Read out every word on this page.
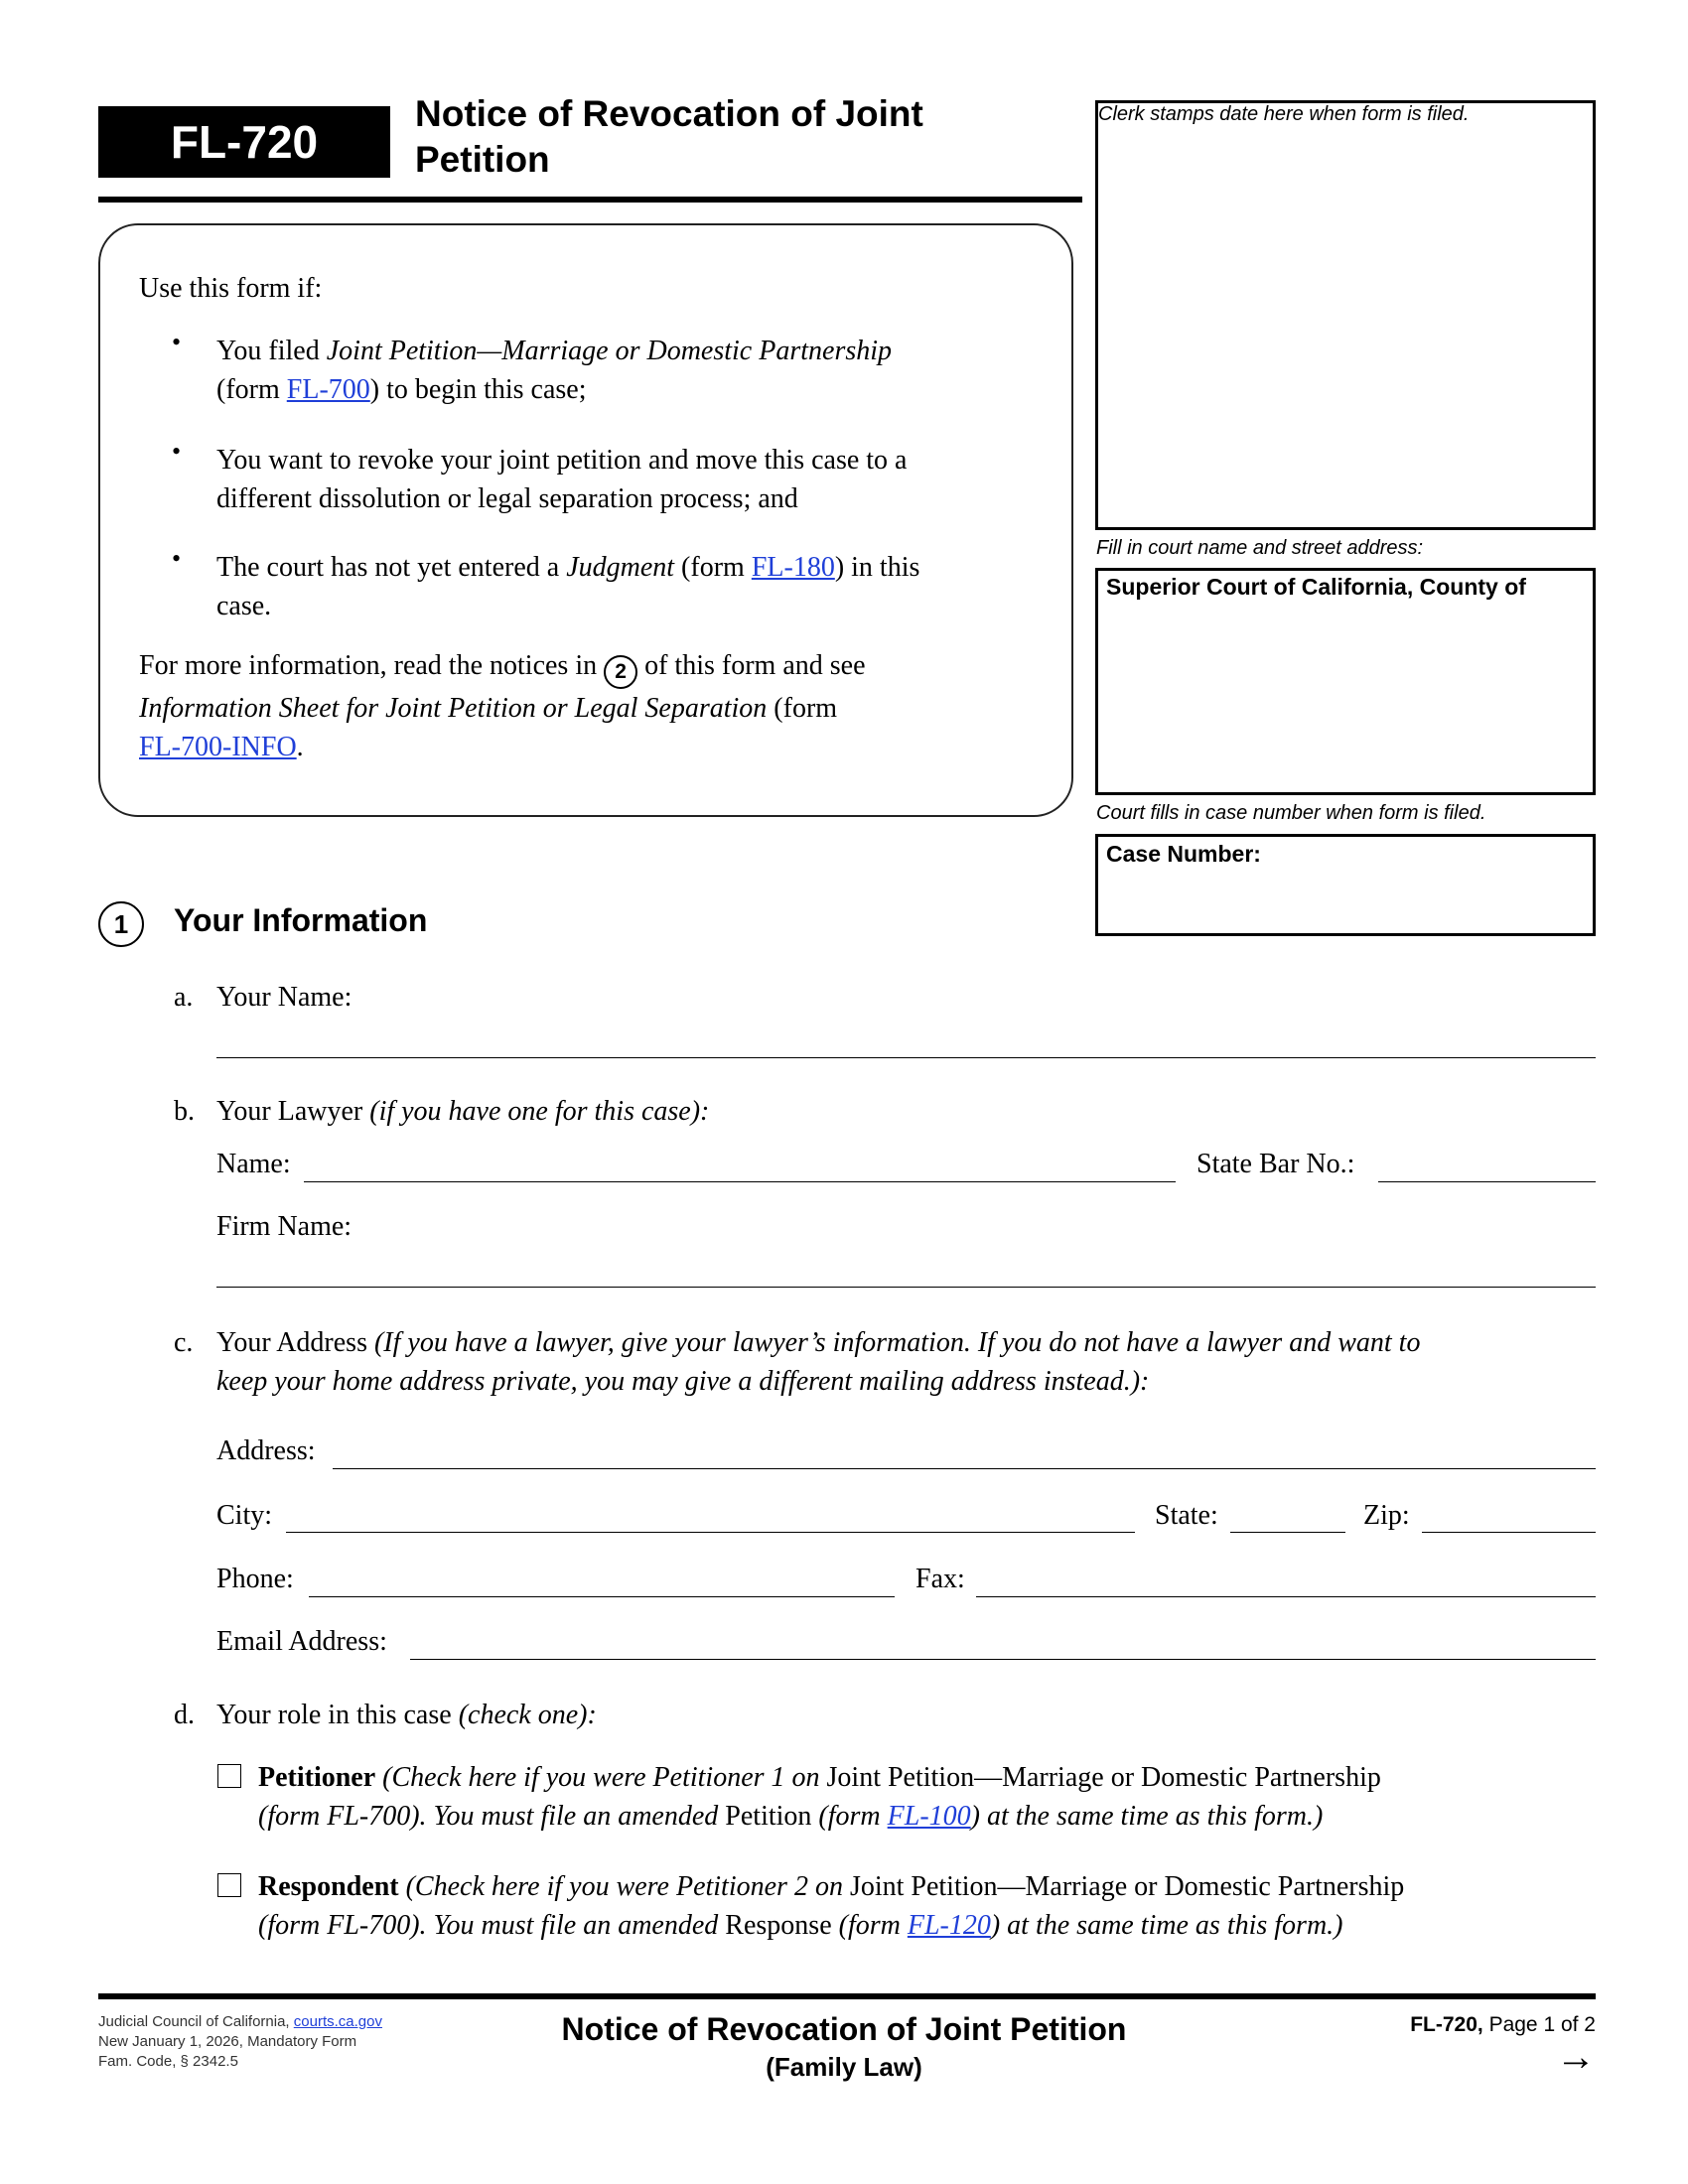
FL-720
Notice of Revocation of Joint
Petition
Clerk stamps date here when form is filed.
Fill in court name and street address:
Superior Court of California, County of
Court fills in case number when form is filed.
Case Number:
Use this form if:
• You filed Joint Petition—Marriage or Domestic Partnership
(form FL-700) to begin this case;
• You want to revoke your joint petition and move this case to a
different dissolution or legal separation process; and
• The court has not yet entered a Judgment (form FL-180) in this
case.
For more information, read the notices in 2 of this form and see
Information Sheet for Joint Petition or Legal Separation (form
FL-700-INFO.
1	Your Information
a. Your Name:
b. Your Lawyer (if you have one for this case):
Name:	State Bar No.:
Firm Name:
c. Your Address (If you have a lawyer, give your lawyer’s information. If you do not have a lawyer and want to
keep your home address private, you may give a different mailing address instead.):
Address:
City:	State:	Zip:
Phone:	Fax:
Email Address:
d. Your role in this case (check one):
Petitioner (Check here if you were Petitioner 1 on Joint Petition—Marriage or Domestic Partnership
(form FL-700). You must file an amended Petition (form FL-100) at the same time as this form.)
Respondent (Check here if you were Petitioner 2 on Joint Petition—Marriage or Domestic Partnership
(form FL-700). You must file an amended Response (form FL-120) at the same time as this form.)
Judicial Council of California, courts.ca.gov
New January 1, 2026, Mandatory Form
Fam. Code, § 2342.5
Notice of Revocation of Joint Petition
(Family Law)
FL-720, Page 1 of 2
→
